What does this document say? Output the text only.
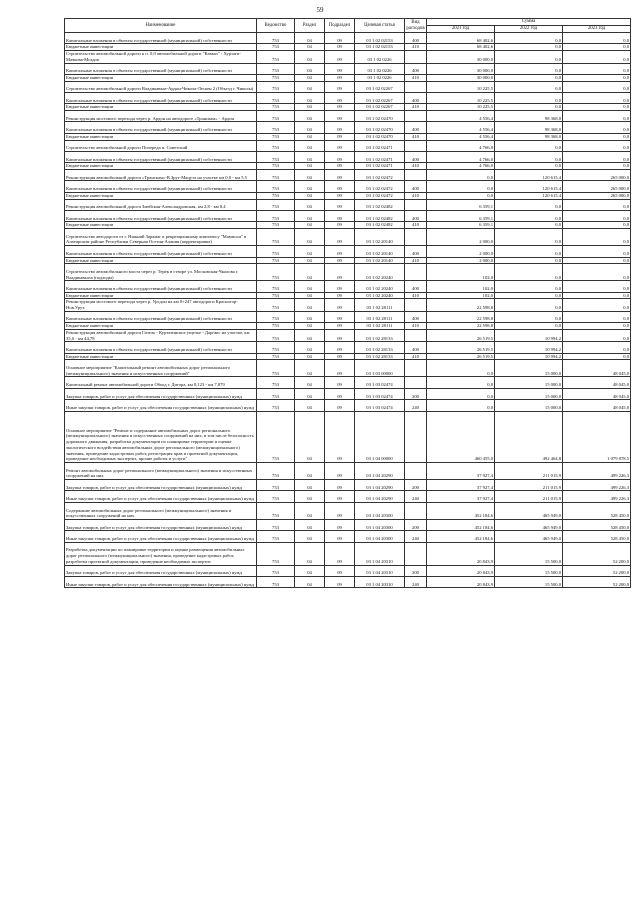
59
Наименование	Ведомство	Раздел	Подраздел	Целевая статья	Вид расходов	Сумма		
						2021 год	2022 год	2023 год
Капитальные вложения в объекты государственной (муниципальной) собственности	753	04	09	03 1 02 02153	400	68 402,6	0,0	0,0
Бюджетные инвестиции	753	04	09	03 1 02 02153	410	68 402,6	0,0	0,0
Строительство автомобильной дороги к п. 0,0 автомобильной дороги "Кавказ" - Хурзаги-Мачкова-Моздок	753	04	09	03 1 02 0226		30 000,0	0,0	0,0
Капитальные вложения в объекты государственной (муниципальной) собственности	753	04	09	03 1 02 0226	400	30 000,0	0,0	0,0
Бюджетные инвестиции	753	04	09	03 1 02 0226	410	30 000,0	0,0	0,0
Строительство автомобильной дороги Владикавказ-Ардон-Чикола-Лескен 2 (Объезд г. Чиколы)	753	04	09	03 1 02 02267		10 225,5	0,0	0,0
Капитальные вложения в объекты государственной (муниципальной) собственности	753	04	09	03 1 02 02267	400	10 225,5	0,0	0,0
Бюджетные инвестиции	753	04	09	03 1 02 02267	410	10 225,5	0,0	0,0
Реконструкция мостового перехода через р. Ардон на автодороге «Транскам» - Ардон	753	04	09	03 1 02 02470		4 556,4	98 368,0	0,0
Капитальные вложения в объекты государственной (муниципальной) собственности	753	04	09	03 1 02 02470	400	4 556,4	98 368,0	0,0
Бюджетные инвестиции	753	04	09	03 1 02 02470	410	4 556,4	98 368,0	0,0
Строительство автомобильной дороги Попереда п. Советский	753	04	09	03 1 02 02471		4 766,0	0,0	0,0
Капитальные вложения в объекты государственной (муниципальной) собственности	753	04	09	03 1 02 02471	400	4 766,0	0,0	0,0
Бюджетные инвестиции	753	04	09	03 1 02 02471	410	4 766,0	0,0	0,0
Реконструкция автомобильной дороги «Транскам»-В.Зруг-Мацута на участке км 0,0 - км 5,5	753	04	09	03 1 02 02472		0,0	120 615,4	265 000,0
Капитальные вложения в объекты государственной (муниципальной) собственности	753	04	09	03 1 02 02472	400	0,0	120 615,4	265 000,0
Бюджетные инвестиции	753	04	09	03 1 02 02472	410	0,0	120 615,4	265 000,0
Реконструкция автомобильной дороги Змейская-Александровская, км 2,8 - км 8,4	753	04	09	03 1 02 02482		6 359,1	0,0	0,0
Капитальные вложения в объекты государственной (муниципальной) собственности	753	04	09	03 1 02 02482	400	6 359,1	0,0	0,0
Бюджетные инвестиции	753	04	09	03 1 02 02482	410	6 359,1	0,0	0,0
Строительство автодороги от г. Нижний Зарамаг к рекреационному комплексу "Мамисон" в Алагирском районе Республики Северная Осетия-Алания (корректировка)	753	04	09	03 1 02 20140		2 000,0	0,0	0,0
Капитальные вложения в объекты государственной (муниципальной) собственности	753	04	09	03 1 02 20140	400	2 000,0	0,0	0,0
Бюджетные инвестиции	753	04	09	03 1 02 20140	410	2 000,0	0,0	0,0
Строительство автомобильного моста через р. Терек в створе ул. Московская-Чкалова г. Владикавказа (подходы)	753	04	09	03 1 02 20240		102,0	0,0	0,0
Капитальные вложения в объекты государственной (муниципальной) собственности	753	04	09	03 1 02 20240	400	102,0	0,0	0,0
Бюджетные инвестиции	753	04	09	03 1 02 20240	410	102,0	0,0	0,0
Реконструкция мостового перехода через р. Урсдон на км 0+247 автодороги Красногор-Нов.Урух	753	04	09	03 1 02 28111		22 598,8	0,0	0,0
Капитальные вложения в объекты государственной (муниципальной) собственности	753	04	09	03 1 02 28111	400	22 598,8	0,0	0,0
Бюджетные инвестиции	753	04	09	03 1 02 28111	410	22 598,8	0,0	0,0
Реконструкция автомобильной дороги Гизель - Куртатинское ущелье - Даргавс на участке, км 35,0 - км 44,78	753	04	09	03 1 02 28133		26 519,5	10 994,2	0,0
Капитальные вложения в объекты государственной (муниципальной) собственности	753	04	09	03 1 02 28133	400	26 519,5	10 994,2	0,0
Бюджетные инвестиции	753	04	09	03 1 02 28133	410	26 519,5	10 994,2	0,0
Основное мероприятие "Капитальный ремонт автомобильных дорог регионального (межмуниципального) значения и искусственных сооружений"	753	04	09	03 1 03 00000		0,0	15 000,0	48 045,0
Капитальный ремонт автомобильной дороги Обход г. Дигора, км 0,123 - км 7,879	753	04	09	03 1 03 02474		0,0	15 000,0	48 045,0
Закупка товаров, работ и услуг для обеспечения государственных (муниципальных) нужд	753	04	09	03 1 03 02474	200	0,0	15 000,0	48 045,0
Иные закупки товаров, работ и услуг для обеспечения государственных (муниципальных) нужд	753	04	09	03 1 03 02474	240	0,0	15 000,0	48 045,0
Основное мероприятие "Ремонт и содержание автомобильных дорог регионального (межмуниципального) значения и искусственных сооружений на них, в том числе безопасность дорожного движения, разработка документации по планировке территории и оценке экологического воздействия автомобильных дорог регионального (межмуниципального) значения, проведение кадастровых работ, регистрация прав и проектной документации, проведение необходимых экспертиз, прочие работы и услуги"	753	04	09	03 1 04 00000		460 455,0	492 464,8	1 079 878,5
Ремонт автомобильных дорог регионального (межмуниципального) значения и искусственных сооружений на них	753	04	09	03 1 04 20290		37 927,4	211 015,9	499 226,3
Закупка товаров, работ и услуг для обеспечения государственных (муниципальных) нужд	753	04	09	03 1 04 20290	200	37 927,4	211 015,9	499 226,3
Иные закупки товаров, работ и услуг для обеспечения государственных (муниципальных) нужд	753	04	09	03 1 04 20290	240	37 927,4	211 015,9	499 226,3
Содержание автомобильных дорог регионального (межмуниципального) значения и искусственных сооружений на них	753	04	09	03 1 04 20300		452 184,6	465 949,0	528 450,0
Закупка товаров, работ и услуг для обеспечения государственных (муниципальных) нужд	753	04	09	03 1 04 20300	200	452 184,6	465 949,0	528 450,0
Иные закупки товаров, работ и услуг для обеспечения государственных (муниципальных) нужд	753	04	09	03 1 04 20300	240	452 184,6	465 949,0	528 450,0
Разработка документации по планировке территории и оценке размещения автомобильных дорог регионального (межмуниципального) значения, проведение кадастровых работ, разработка проектной документации, проведение необходимых экспертиз	753	04	09	03 1 04 20310		20 843,9	15 500,0	52 200,0
Закупка товаров, работ и услуг для обеспечения государственных (муниципальных) нужд	753	04	09	03 1 04 20310	200	20 843,9	15 500,0	52 200,0
Иные закупки товаров, работ и услуг для обеспечения государственных (муниципальных) нужд	753	04	09	03 1 04 20310	240	20 843,9	15 500,0	52 200,0
